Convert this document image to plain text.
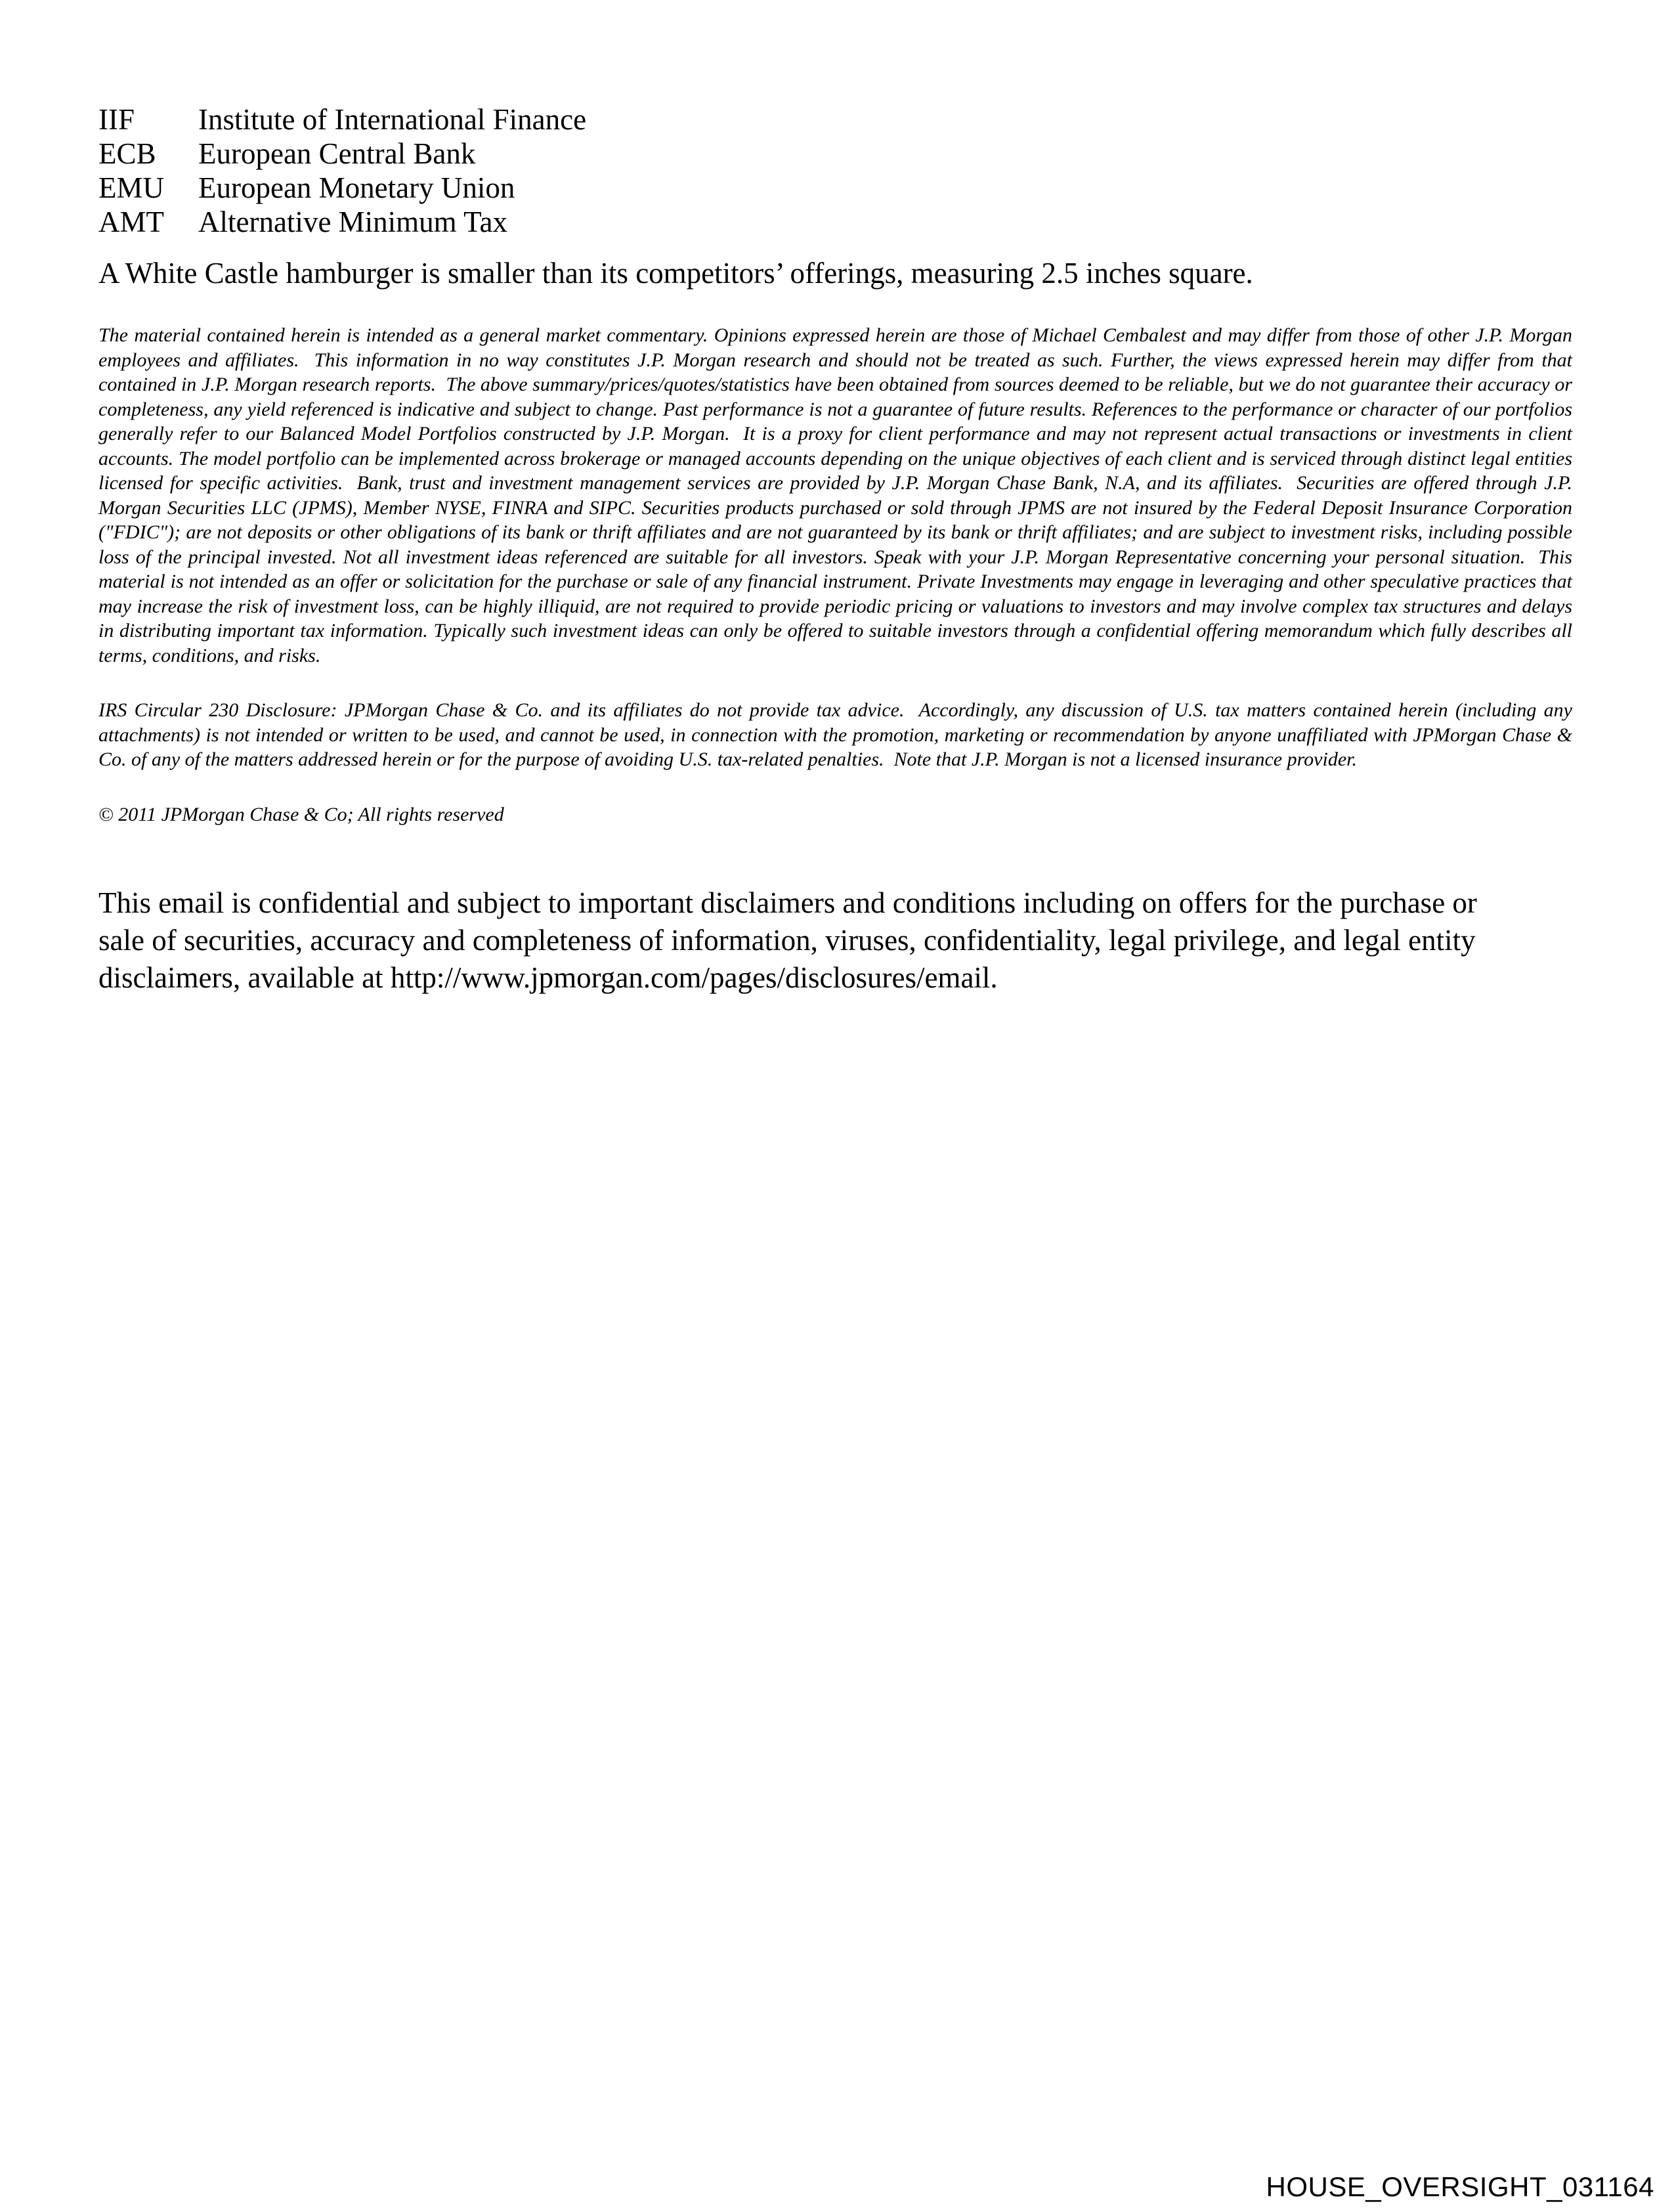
IIF	Institute of International Finance
ECB	European Central Bank
EMU	European Monetary Union
AMT	Alternative Minimum Tax

A White Castle hamburger is smaller than its competitors’ offerings, measuring 2.5 inches square.

The material contained herein is intended as a general market commentary. Opinions expressed herein are those of Michael Cembalest and may differ from those of other J.P. Morgan employees and affiliates.  This information in no way constitutes J.P. Morgan research and should not be treated as such. Further, the views expressed herein may differ from that contained in J.P. Morgan research reports.  The above summary/prices/quotes/statistics have been obtained from sources deemed to be reliable, but we do not guarantee their accuracy or completeness, any yield referenced is indicative and subject to change. Past performance is not a guarantee of future results. References to the performance or character of our portfolios generally refer to our Balanced Model Portfolios constructed by J.P. Morgan.  It is a proxy for client performance and may not represent actual transactions or investments in client accounts. The model portfolio can be implemented across brokerage or managed accounts depending on the unique objectives of each client and is serviced through distinct legal entities licensed for specific activities.  Bank, trust and investment management services are provided by J.P. Morgan Chase Bank, N.A, and its affiliates.  Securities are offered through J.P. Morgan Securities LLC (JPMS), Member NYSE, FINRA and SIPC. Securities products purchased or sold through JPMS are not insured by the Federal Deposit Insurance Corporation ("FDIC"); are not deposits or other obligations of its bank or thrift affiliates and are not guaranteed by its bank or thrift affiliates; and are subject to investment risks, including possible loss of the principal invested. Not all investment ideas referenced are suitable for all investors. Speak with your J.P. Morgan Representative concerning your personal situation.  This material is not intended as an offer or solicitation for the purchase or sale of any financial instrument. Private Investments may engage in leveraging and other speculative practices that may increase the risk of investment loss, can be highly illiquid, are not required to provide periodic pricing or valuations to investors and may involve complex tax structures and delays in distributing important tax information. Typically such investment ideas can only be offered to suitable investors through a confidential offering memorandum which fully describes all terms, conditions, and risks.

IRS Circular 230 Disclosure: JPMorgan Chase & Co. and its affiliates do not provide tax advice.  Accordingly, any discussion of U.S. tax matters contained herein (including any attachments) is not intended or written to be used, and cannot be used, in connection with the promotion, marketing or recommendation by anyone unaffiliated with JPMorgan Chase & Co. of any of the matters addressed herein or for the purpose of avoiding U.S. tax-related penalties.  Note that J.P. Morgan is not a licensed insurance provider.

© 2011 JPMorgan Chase & Co; All rights reserved

This email is confidential and subject to important disclaimers and conditions including on offers for the purchase or sale of securities, accuracy and completeness of information, viruses, confidentiality, legal privilege, and legal entity disclaimers, available at http://www.jpmorgan.com/pages/disclosures/email.

HOUSE_OVERSIGHT_031164
